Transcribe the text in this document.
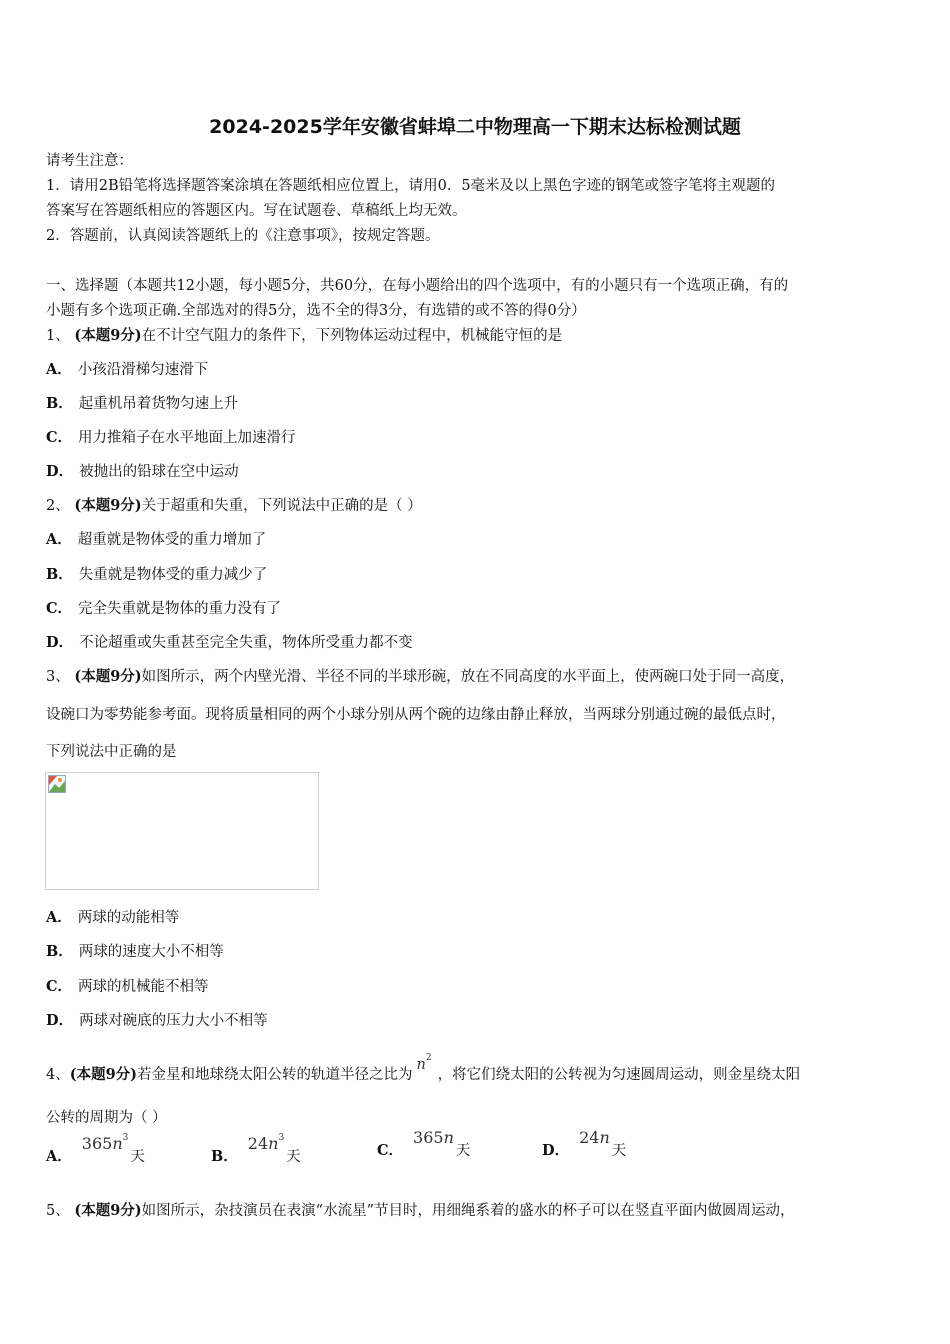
2024-2025学年安徽省蚌埠二中物理高一下期末达标检测试题
请考生注意：
1．请用2B铅笔将选择题答案涂填在答题纸相应位置上，请用0．5毫米及以上黑色字迹的钢笔或签字笔将主观题的
答案写在答题纸相应的答题区内。写在试题卷、草稿纸上均无效。
2．答题前，认真阅读答题纸上的《注意事项》，按规定答题。
一、选择题（本题共12小题，每小题5分，共60分，在每小题给出的四个选项中，有的小题只有一个选项正确，有的
小题有多个选项正确.全部选对的得5分，选不全的得3分，有选错的或不答的得0分）
1、 (本题9分)在不计空气阻力的条件下，下列物体运动过程中，机械能守恒的是
A． 小孩沿滑梯匀速滑下
B． 起重机吊着货物匀速上升
C． 用力推箱子在水平地面上加速滑行
D． 被抛出的铅球在空中运动
2、 (本题9分)关于超重和失重，下列说法中正确的是（ ）
A． 超重就是物体受的重力增加了
B． 失重就是物体受的重力减少了
C． 完全失重就是物体的重力没有了
D． 不论超重或失重甚至完全失重，物体所受重力都不变
3、 (本题9分)如图所示，两个内壁光滑、半径不同的半球形碗，放在不同高度的水平面上，使两碗口处于同一高度，
设碗口为零势能参考面。现将质量相同的两个小球分别从两个碗的边缘由静止释放，当两球分别通过碗的最低点时，
下列说法中正确的是
A． 两球的动能相等
B． 两球的速度大小不相等
C． 两球的机械能不相等
D． 两球对碗底的压力大小不相等
4、(本题9分)若金星和地球绕太阳公转的轨道半径之比为$n^2$，将它们绕太阳的公转视为匀速圆周运动，则金星绕太阳
公转的周期为（ ）
A．$365n^3$天	B．$24n^3$天	C．365n天	D．24n天
5、 (本题9分)如图所示，杂技演员在表演“水流星”节目时，用细绳系着的盛水的杯子可以在竖直平面内做圆周运动，
